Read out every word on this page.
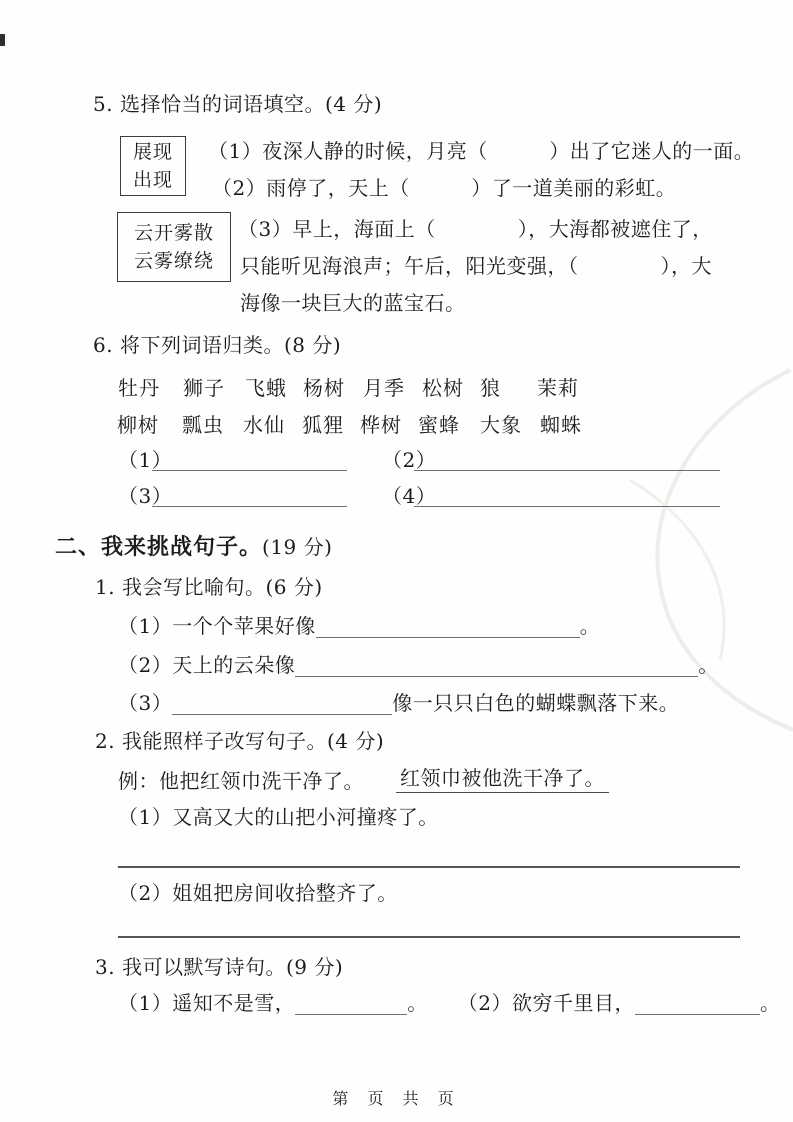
5. 选择恰当的词语填空。(4 分)
展现
出现
（1）夜深人静的时候，月亮（　　　）出了它迷人的一面。
（2）雨停了，天上（　　　）了一道美丽的彩虹。
云开雾散
云雾缭绕
（3）早上，海面上（　　　　），大海都被遮住了，
只能听见海浪声；午后，阳光变强，（　　　　），大
海像一块巨大的蓝宝石。
6. 将下列词语归类。(8 分)
牡丹 狮子 飞蛾 杨树 月季 松树 狼 茉莉
柳树 瓢虫 水仙 狐狸 桦树 蜜蜂 大象 蜘蛛
（1）	（2）
（3）	（4）
二、我来挑战句子。(19 分)
1. 我会写比喻句。(6 分)
（1）一个个苹果好像	。
（2）天上的云朵像	。
（3）	像一只只白色的蝴蝶飘落下来。
2. 我能照样子改写句子。(4 分)
例：他把红领巾洗干净了。 红领巾被他洗干净了。
（1）又高又大的山把小河撞疼了。
（2）姐姐把房间收拾整齐了。
3. 我可以默写诗句。(9 分)
（1）遥知不是雪，	。 （2）欲穷千里目，	。
第 页 共 页
